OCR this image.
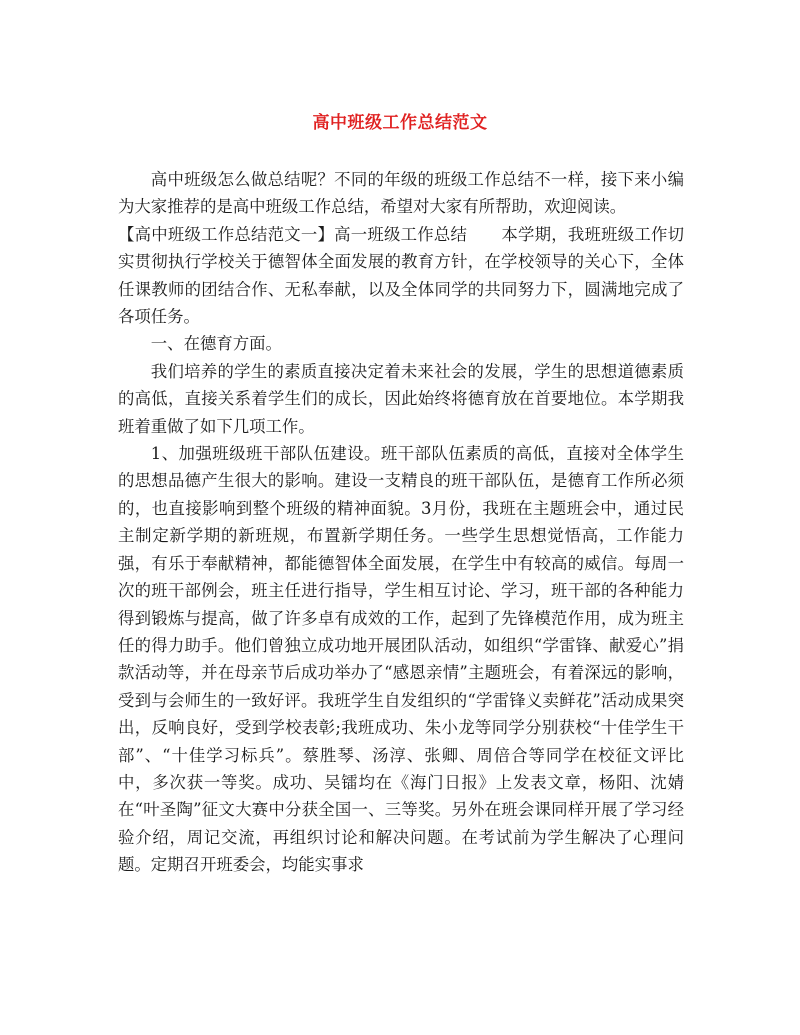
高中班级工作总结范文

高中班级怎么做总结呢？不同的年级的班级工作总结不一样，接下来小编为大家推荐的是高中班级工作总结，希望对大家有所帮助，欢迎阅读。

【高中班级工作总结范文一】高一班级工作总结 本学期，我班班级工作切实贯彻执行学校关于德智体全面发展的教育方针，在学校领导的关心下，全体任课教师的团结合作、无私奉献，以及全体同学的共同努力下，圆满地完成了各项任务。

一、在德育方面。

我们培养的学生的素质直接决定着未来社会的发展，学生的思想道德素质的高低，直接关系着学生们的成长，因此始终将德育放在首要地位。本学期我班着重做了如下几项工作。

1、加强班级班干部队伍建设。班干部队伍素质的高低，直接对全体学生的思想品德产生很大的影响。建设一支精良的班干部队伍，是德育工作所必须的，也直接影响到整个班级的精神面貌。3月份，我班在主题班会中，通过民主制定新学期的新班规，布置新学期任务。一些学生思想觉悟高，工作能力强，有乐于奉献精神，都能德智体全面发展，在学生中有较高的威信。每周一次的班干部例会，班主任进行指导，学生相互讨论、学习，班干部的各种能力得到锻炼与提高，做了许多卓有成效的工作，起到了先锋模范作用，成为班主任的得力助手。他们曾独立成功地开展团队活动，如组织“学雷锋、献爱心”捐款活动等，并在母亲节后成功举办了“感恩亲情”主题班会，有着深远的影响，受到与会师生的一致好评。我班学生自发组织的“学雷锋义卖鲜花”活动成果突出，反响良好，受到学校表彰;我班成功、朱小龙等同学分别获校“十佳学生干部”、“十佳学习标兵”。蔡胜琴、汤淳、张卿、周倍合等同学在校征文评比中，多次获一等奖。成功、吴镭均在《海门日报》上发表文章，杨阳、沈婧在“叶圣陶”征文大赛中分获全国一、三等奖。另外在班会课同样开展了学习经验介绍，周记交流，再组织讨论和解决问题。在考试前为学生解决了心理问题。定期召开班委会，均能实事求
